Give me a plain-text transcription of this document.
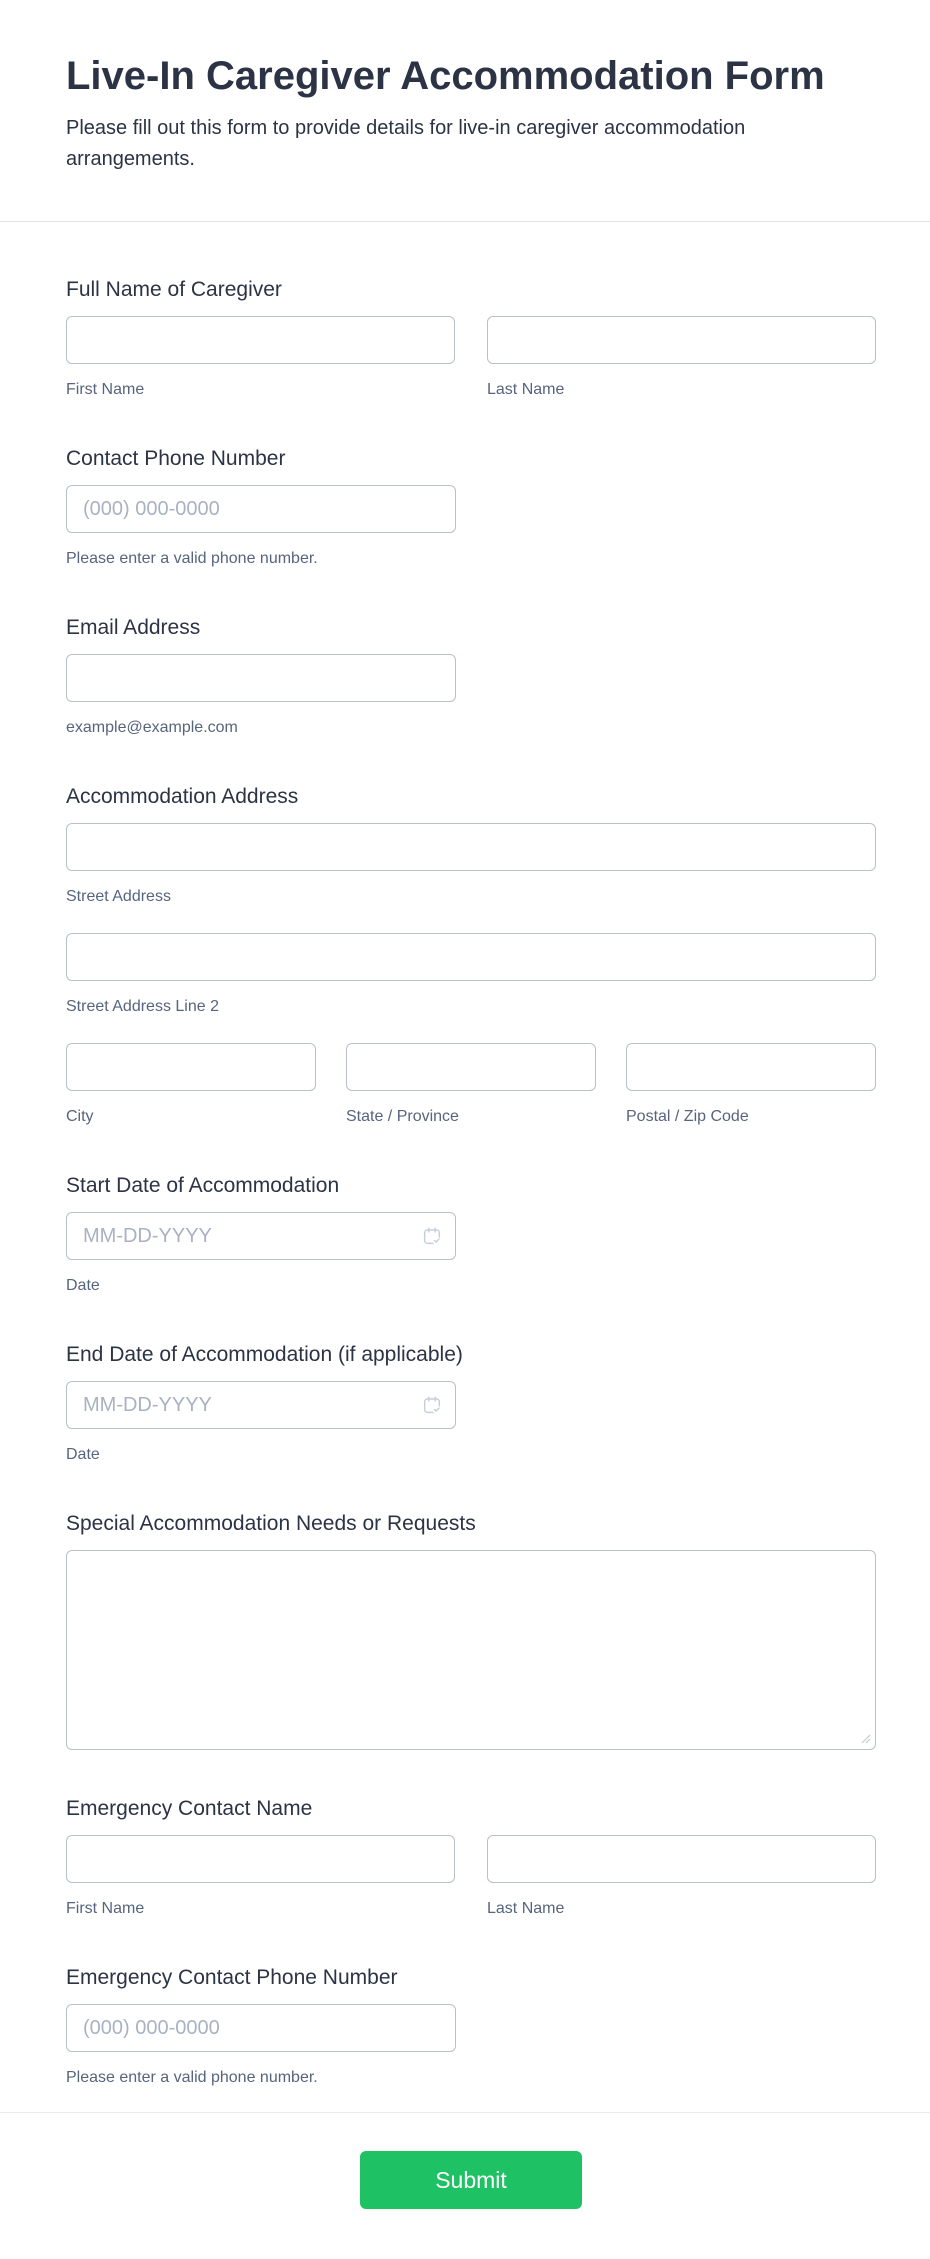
Live-In Caregiver Accommodation Form
Please fill out this form to provide details for live-in caregiver accommodation
arrangements.
Full Name of Caregiver
First Name	Last Name
Contact Phone Number
(000) 000-0000
Please enter a valid phone number.
Email Address
example@example.com
Accommodation Address
Street Address
Street Address Line 2
City	State / Province	Postal / Zip Code
Start Date of Accommodation
MM-DD-YYYY
Date
End Date of Accommodation (if applicable)
MM-DD-YYYY
Date
Special Accommodation Needs or Requests
Emergency Contact Name
First Name	Last Name
Emergency Contact Phone Number
(000) 000-0000
Please enter a valid phone number.
Submit
